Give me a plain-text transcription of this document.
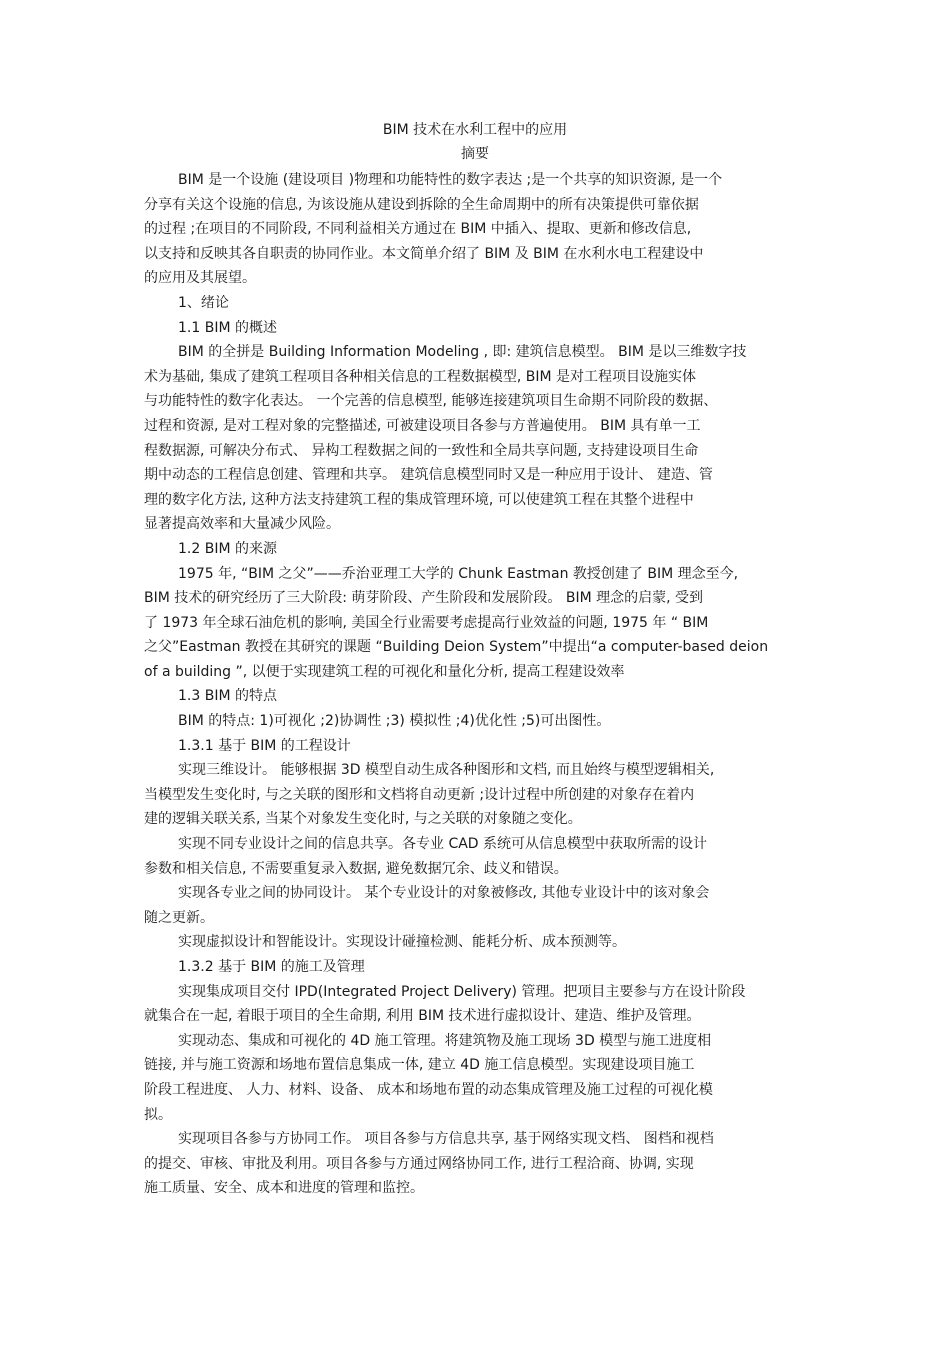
BIM 技术在水利工程中的应用
摘要
BIM 是一个设施 (建设项目 )物理和功能特性的数字表达 ;是一个共享的知识资源, 是一个
分享有关这个设施的信息, 为该设施从建设到拆除的全生命周期中的所有决策提供可靠依据
的过程 ;在项目的不同阶段, 不同利益相关方通过在 BIM 中插入、提取、更新和修改信息,
以支持和反映其各自职责的协同作业。本文简单介绍了 BIM 及 BIM 在水利水电工程建设中
的应用及其展望。
1、绪论
1.1 BIM 的概述
BIM 的全拼是 Building Information Modeling , 即: 建筑信息模型。 BIM 是以三维数字技
术为基础, 集成了建筑工程项目各种相关信息的工程数据模型, BIM 是对工程项目设施实体
与功能特性的数字化表达。 一个完善的信息模型, 能够连接建筑项目生命期不同阶段的数据、
过程和资源, 是对工程对象的完整描述, 可被建设项目各参与方普遍使用。 BIM 具有单一工
程数据源, 可解决分布式、 异构工程数据之间的一致性和全局共享问题, 支持建设项目生命
期中动态的工程信息创建、管理和共享。 建筑信息模型同时又是一种应用于设计、 建造、管
理的数字化方法, 这种方法支持建筑工程的集成管理环境, 可以使建筑工程在其整个进程中
显著提高效率和大量减少风险。
1.2 BIM 的来源
1975 年, “BIM 之父”——乔治亚理工大学的 Chunk Eastman 教授创建了 BIM 理念至今,
BIM 技术的研究经历了三大阶段: 萌芽阶段、产生阶段和发展阶段。 BIM 理念的启蒙, 受到
了 1973 年全球石油危机的影响, 美国全行业需要考虑提高行业效益的问题, 1975 年 “ BIM
之父”Eastman 教授在其研究的课题 “Building Deion System”中提出“a computer-based deion
of a building ”, 以便于实现建筑工程的可视化和量化分析, 提高工程建设效率
1.3 BIM 的特点
BIM 的特点: 1)可视化 ;2)协调性 ;3) 模拟性 ;4)优化性 ;5)可出图性。
1.3.1 基于 BIM 的工程设计
实现三维设计。 能够根据 3D 模型自动生成各种图形和文档, 而且始终与模型逻辑相关,
当模型发生变化时, 与之关联的图形和文档将自动更新 ;设计过程中所创建的对象存在着内
建的逻辑关联关系, 当某个对象发生变化时, 与之关联的对象随之变化。
实现不同专业设计之间的信息共享。各专业 CAD 系统可从信息模型中获取所需的设计
参数和相关信息, 不需要重复录入数据, 避免数据冗余、歧义和错误。
实现各专业之间的协同设计。 某个专业设计的对象被修改, 其他专业设计中的该对象会
随之更新。
实现虚拟设计和智能设计。实现设计碰撞检测、能耗分析、成本预测等。
1.3.2 基于 BIM 的施工及管理
实现集成项目交付 IPD(Integrated Project Delivery) 管理。把项目主要参与方在设计阶段
就集合在一起, 着眼于项目的全生命期, 利用 BIM 技术进行虚拟设计、建造、维护及管理。
实现动态、集成和可视化的 4D 施工管理。将建筑物及施工现场 3D 模型与施工进度相
链接, 并与施工资源和场地布置信息集成一体, 建立 4D 施工信息模型。实现建设项目施工
阶段工程进度、 人力、材料、设备、 成本和场地布置的动态集成管理及施工过程的可视化模
拟。
实现项目各参与方协同工作。 项目各参与方信息共享, 基于网络实现文档、 图档和视档
的提交、审核、审批及利用。项目各参与方通过网络协同工作, 进行工程洽商、协调, 实现
施工质量、安全、成本和进度的管理和监控。
